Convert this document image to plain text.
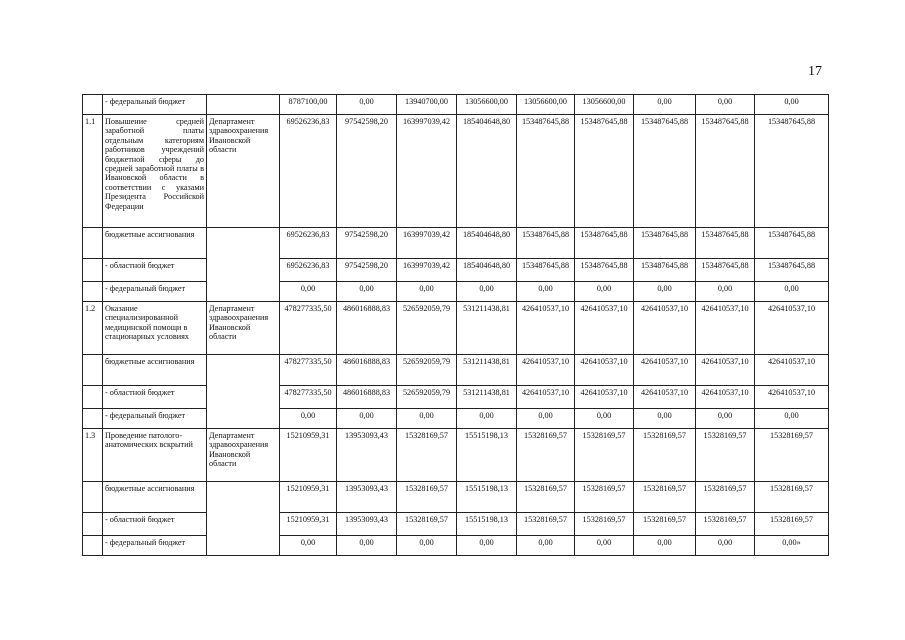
17
	- федеральный бюджет		8787100,00	0,00	13940700,00	13056600,00	13056600,00	13056600,00	0,00	0,00	0,00
1.1	Повышение средней заработной платы отдельным категориям работников учреждений бюджетной сферы до средней заработной платы в Ивановской области в соответствии с указами Президента Российской Федерации	Департамент здравоохранения Ивановской области	69526236,83	97542598,20	163997039,42	185404648,80	153487645,88	153487645,88	153487645,88	153487645,88	153487645,88
	бюджетные ассигнования		69526236,83	97542598,20	163997039,42	185404648,80	153487645,88	153487645,88	153487645,88	153487645,88	153487645,88
	- областной бюджет		69526236,83	97542598,20	163997039,42	185404648,80	153487645,88	153487645,88	153487645,88	153487645,88	153487645,88
	- федеральный бюджет		0,00	0,00	0,00	0,00	0,00	0,00	0,00	0,00	0,00
1.2	Оказание специализированной медицинской помощи в стационарных условиях	Департамент здравоохранения Ивановской области	478277335,50	486016888,83	526592059,79	531211438,81	426410537,10	426410537,10	426410537,10	426410537,10	426410537,10
	бюджетные ассигнования		478277335,50	486016888,83	526592059,79	531211438,81	426410537,10	426410537,10	426410537,10	426410537,10	426410537,10
	- областной бюджет		478277335,50	486016888,83	526592059,79	531211438,81	426410537,10	426410537,10	426410537,10	426410537,10	426410537,10
	- федеральный бюджет		0,00	0,00	0,00	0,00	0,00	0,00	0,00	0,00	0,00
1.3	Проведение патолого-анатомических вскрытий	Департамент здравоохранения Ивановской области	15210959,31	13953093,43	15328169,57	15515198,13	15328169,57	15328169,57	15328169,57	15328169,57	15328169,57
	бюджетные ассигнования		15210959,31	13953093,43	15328169,57	15515198,13	15328169,57	15328169,57	15328169,57	15328169,57	15328169,57
	- областной бюджет		15210959,31	13953093,43	15328169,57	15515198,13	15328169,57	15328169,57	15328169,57	15328169,57	15328169,57
	- федеральный бюджет		0,00	0,00	0,00	0,00	0,00	0,00	0,00	0,00	0,00»
